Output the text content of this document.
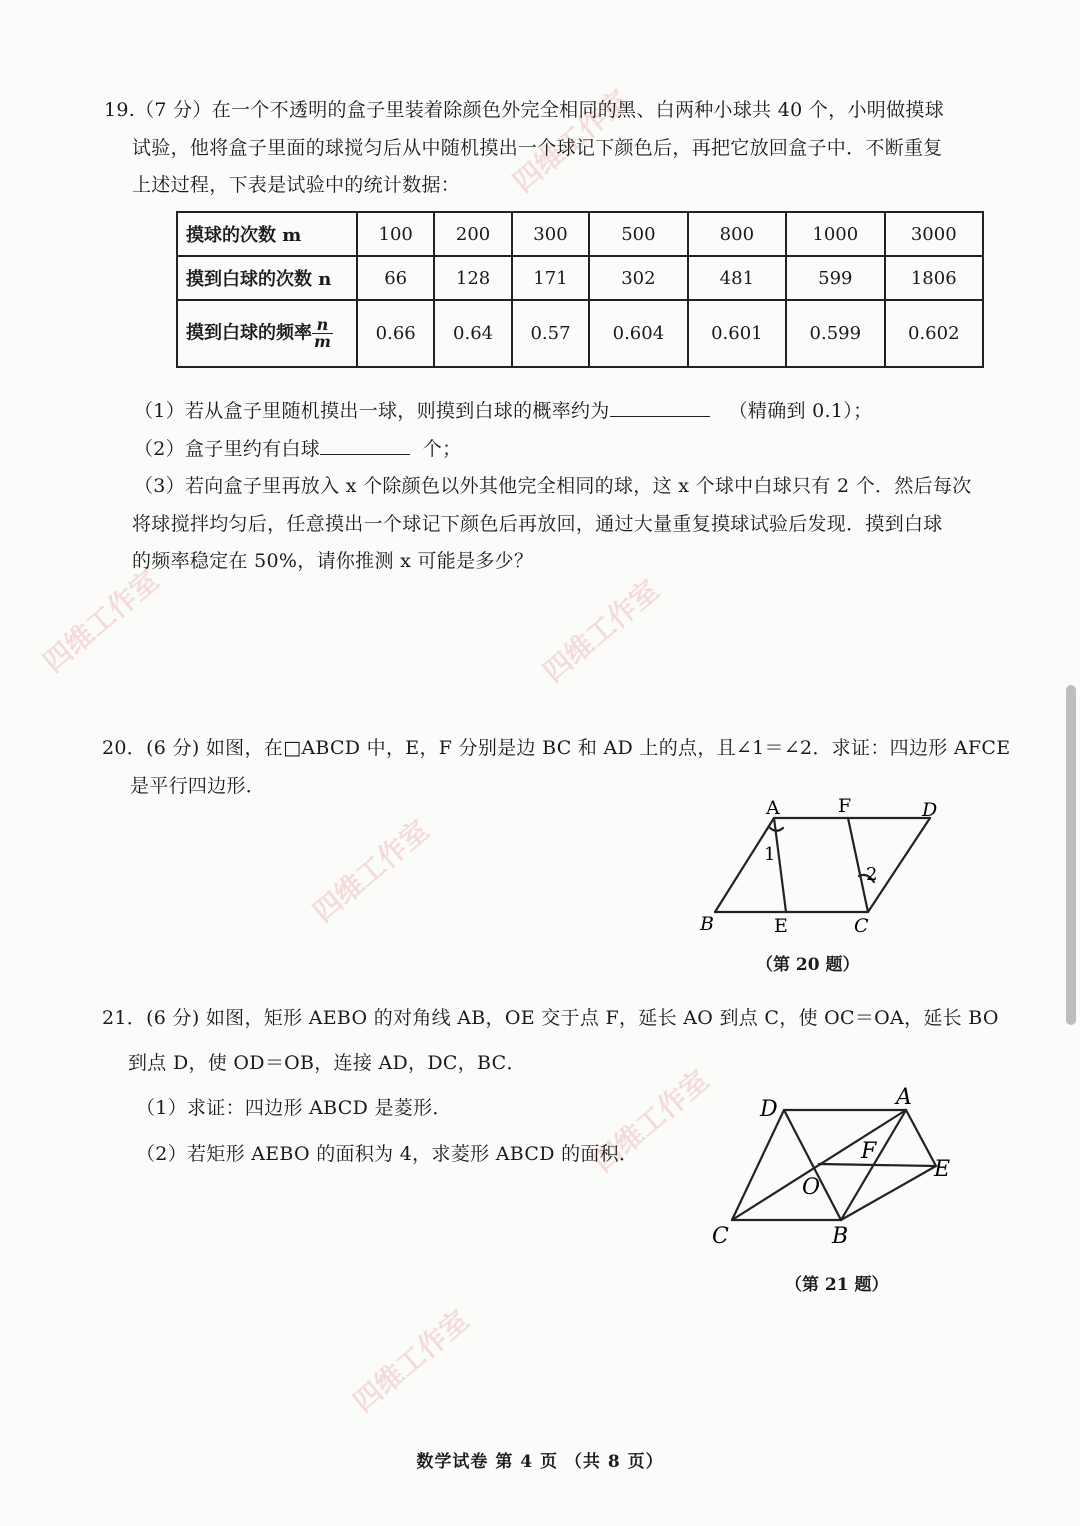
四维工作室
四维工作室	四维工作室
四维工作室
四维工作室
四维工作室
19.（7 分）在一个不透明的盒子里装着除颜色外完全相同的黑、白两种小球共 40 个，小明做摸球
试验，他将盒子里面的球搅匀后从中随机摸出一个球记下颜色后，再把它放回盒子中．不断重复
上述过程，下表是试验中的统计数据：
摸球的次数 m	100	200	300	500	800	1000	3000
摸到白球的次数 n	66	128	171	302	481	599	1806
摸到白球的频率 $\frac{n}{m}$	0.66	0.64	0.57	0.604	0.601	0.599	0.602
（1）若从盒子里随机摸出一球，则摸到白球的概率约为	（精确到 0.1）；
（2）盒子里约有白球	个；
（3）若向盒子里再放入 x 个除颜色以外其他完全相同的球，这 x 个球中白球只有 2 个．然后每次
将球搅拌均匀后，任意摸出一个球记下颜色后再放回，通过大量重复摸球试验后发现．摸到白球
的频率稳定在 50%，请你推测 x 可能是多少？
20．(6 分) 如图，在□ABCD 中，E，F 分别是边 BC 和 AD 上的点，且∠1＝∠2．求证：四边形 AFCE
是平行四边形．
A	F	D
B	E	C
1
2
（第 20 题）
21．(6 分) 如图，矩形 AEBO 的对角线 AB，OE 交于点 F，延长 AO 到点 C，使 OC＝OA，延长 BO
到点 D，使 OD＝OB，连接 AD，DC，BC．
（1）求证：四边形 ABCD 是菱形．
（2）若矩形 AEBO 的面积为 4，求菱形 ABCD 的面积．
D	A
F
E
O
C	B
（第 21 题）
数学试卷 第 4 页 （共 8 页）
